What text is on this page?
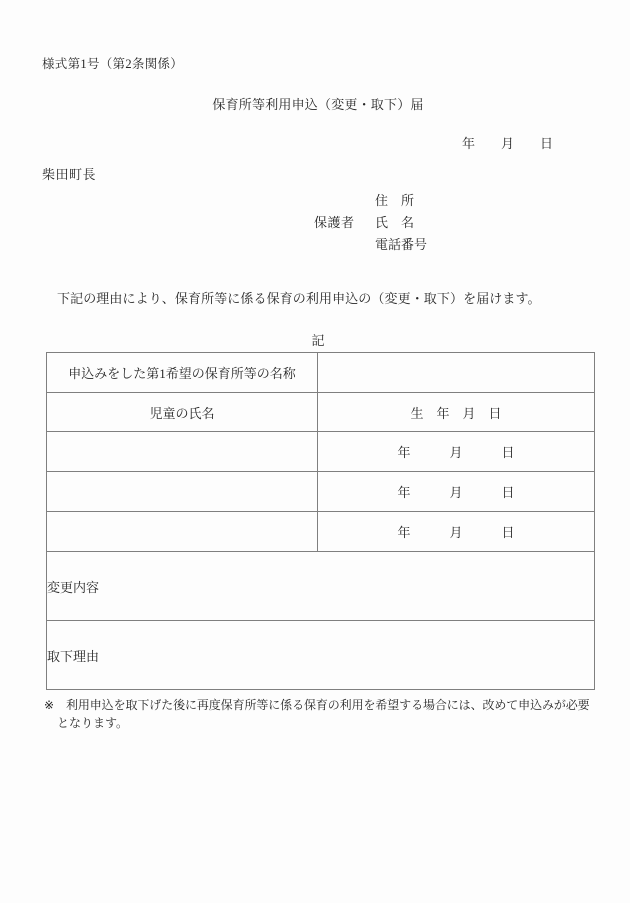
様式第1号（第2条関係）
保育所等利用申込（変更・取下）届
年　　月　　日
柴田町長
保護者
住　所
氏　名
電話番号
下記の理由により、保育所等に係る保育の利用申込の（変更・取下）を届けます。
記
申込みをした第1希望の保育所等の名称	
児童の氏名	生　年　月　日
	年　　　月　　　日
	年　　　月　　　日
	年　　　月　　　日
変更内容	
取下理由	
※ 利用申込を取下げた後に再度保育所等に係る保育の利用を希望する場合には、改めて申込みが必要
となります。
